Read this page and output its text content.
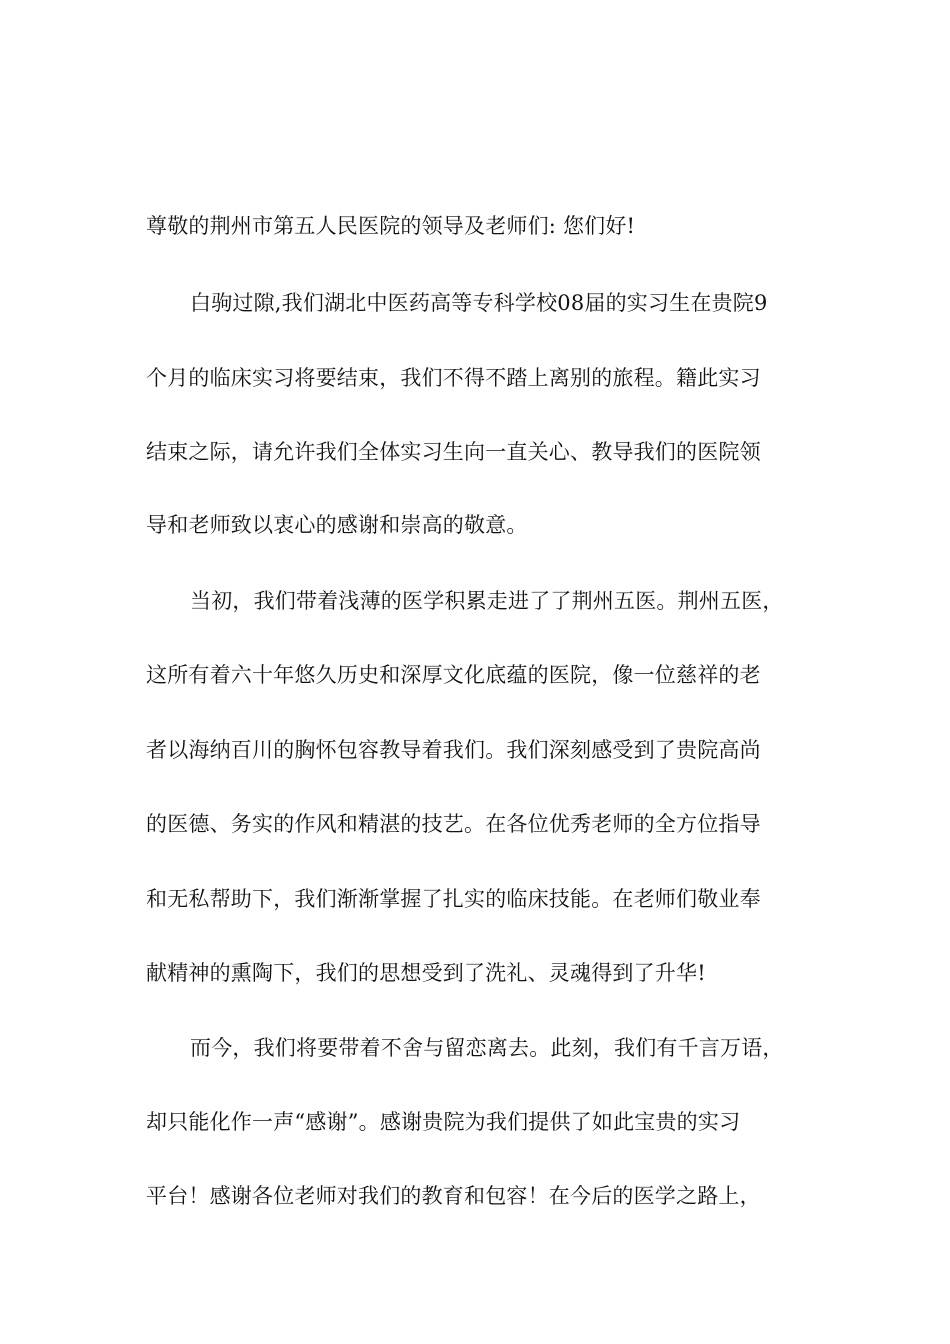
尊敬的荆州市第五人民医院的领导及老师们: 您们好!
白驹过隙,我们湖北中医药高等专科学校08届的实习生在贵院9
个月的临床实习将要结束，我们不得不踏上离别的旅程。籍此实习
结束之际，请允许我们全体实习生向一直关心、教导我们的医院领
导和老师致以衷心的感谢和崇高的敬意。
当初，我们带着浅薄的医学积累走进了了荆州五医。荆州五医，
这所有着六十年悠久历史和深厚文化底蕴的医院，像一位慈祥的老
者以海纳百川的胸怀包容教导着我们。我们深刻感受到了贵院高尚
的医德、务实的作风和精湛的技艺。在各位优秀老师的全方位指导
和无私帮助下，我们渐渐掌握了扎实的临床技能。在老师们敬业奉
献精神的熏陶下，我们的思想受到了洗礼、灵魂得到了升华!
而今，我们将要带着不舍与留恋离去。此刻，我们有千言万语，
却只能化作一声“感谢”。感谢贵院为我们提供了如此宝贵的实习
平台！感谢各位老师对我们的教育和包容！在今后的医学之路上，
